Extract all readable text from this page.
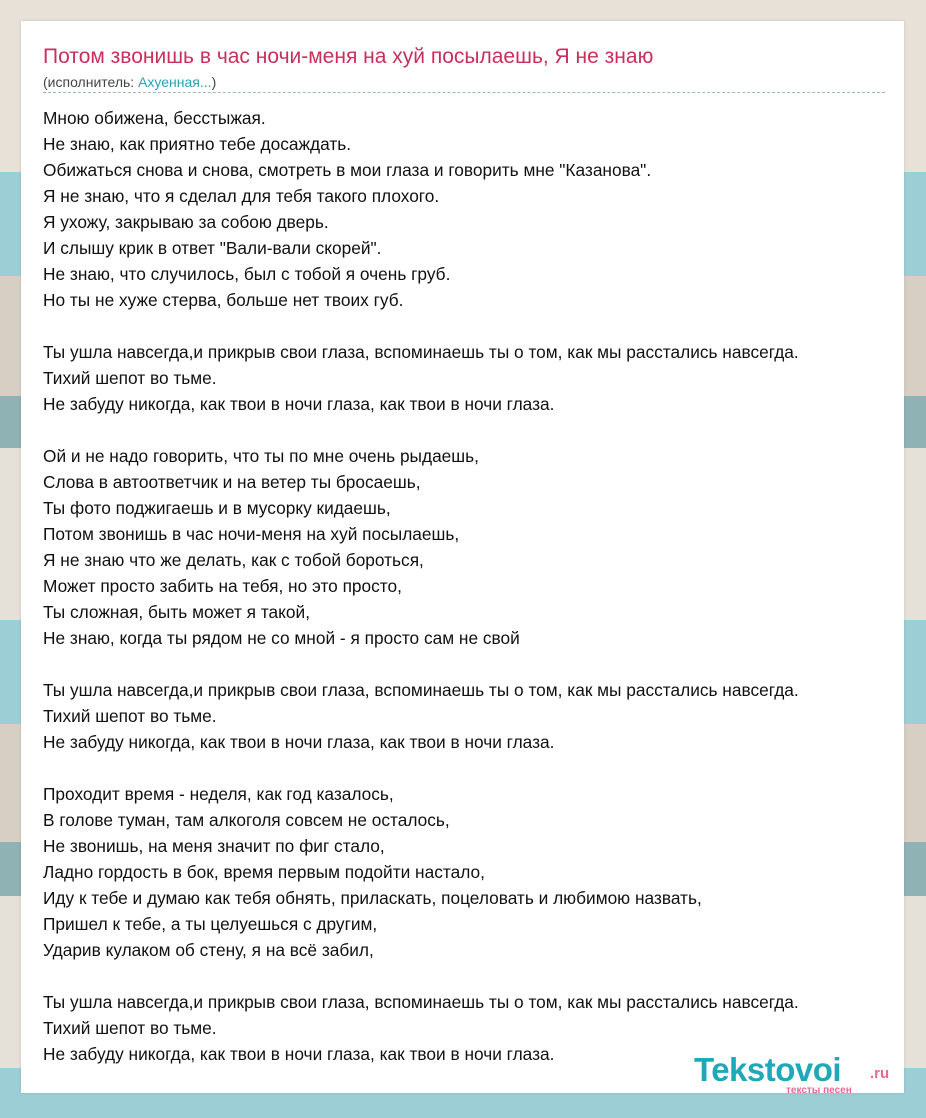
Потом звонишь в час ночи-меня на хуй посылаешь, Я не знаю
(исполнитель: Ахуенная...)
Мною обижена, бесстыжая.
Не знаю, как приятно тебе досаждать.
Обижаться снова и снова, смотреть в мои глаза и говорить мне "Казанова".
Я не знаю, что я сделал для тебя такого плохого.
Я ухожу, закрываю за собою дверь.
И слышу крик в ответ "Вали-вали скорей".
Не знаю, что случилось, был с тобой я очень груб.
Но ты не хуже стерва, больше нет твоих губ.
Ты ушла навсегда,и прикрыв свои глаза, вспоминаешь ты о том, как мы расстались навсегда.
Тихий шепот во тьме.
Не забуду никогда, как твои в ночи глаза, как твои в ночи глаза.
Ой и не надо говорить, что ты по мне очень рыдаешь,
Слова в автоответчик и на ветер ты бросаешь,
Ты фото поджигаешь и в мусорку кидаешь,
Потом звонишь в час ночи-меня на хуй посылаешь,
Я не знаю что же делать, как с тобой бороться,
Может просто забить на тебя, но это просто,
Ты сложная, быть может я такой,
Не знаю, когда ты рядом не со мной - я просто сам не свой
Ты ушла навсегда,и прикрыв свои глаза, вспоминаешь ты о том, как мы расстались навсегда.
Тихий шепот во тьме.
Не забуду никогда, как твои в ночи глаза, как твои в ночи глаза.
Проходит время - неделя, как год казалось,
В голове туман, там алкоголя совсем не осталось,
Не звонишь, на меня значит по фиг стало,
Ладно гордость в бок, время первым подойти настало,
Иду к тебе и думаю как тебя обнять, приласкать, поцеловать и любимою назвать,
Пришел к тебе, а ты целуешься с другим,
Ударив кулаком об стену, я на всё забил,
Ты ушла навсегда,и прикрыв свои глаза, вспоминаешь ты о том, как мы расстались навсегда.
Тихий шепот во тьме.
Не забуду никогда, как твои в ночи глаза, как твои в ночи глаза.	Tekstovoi .ru
тексты песен
